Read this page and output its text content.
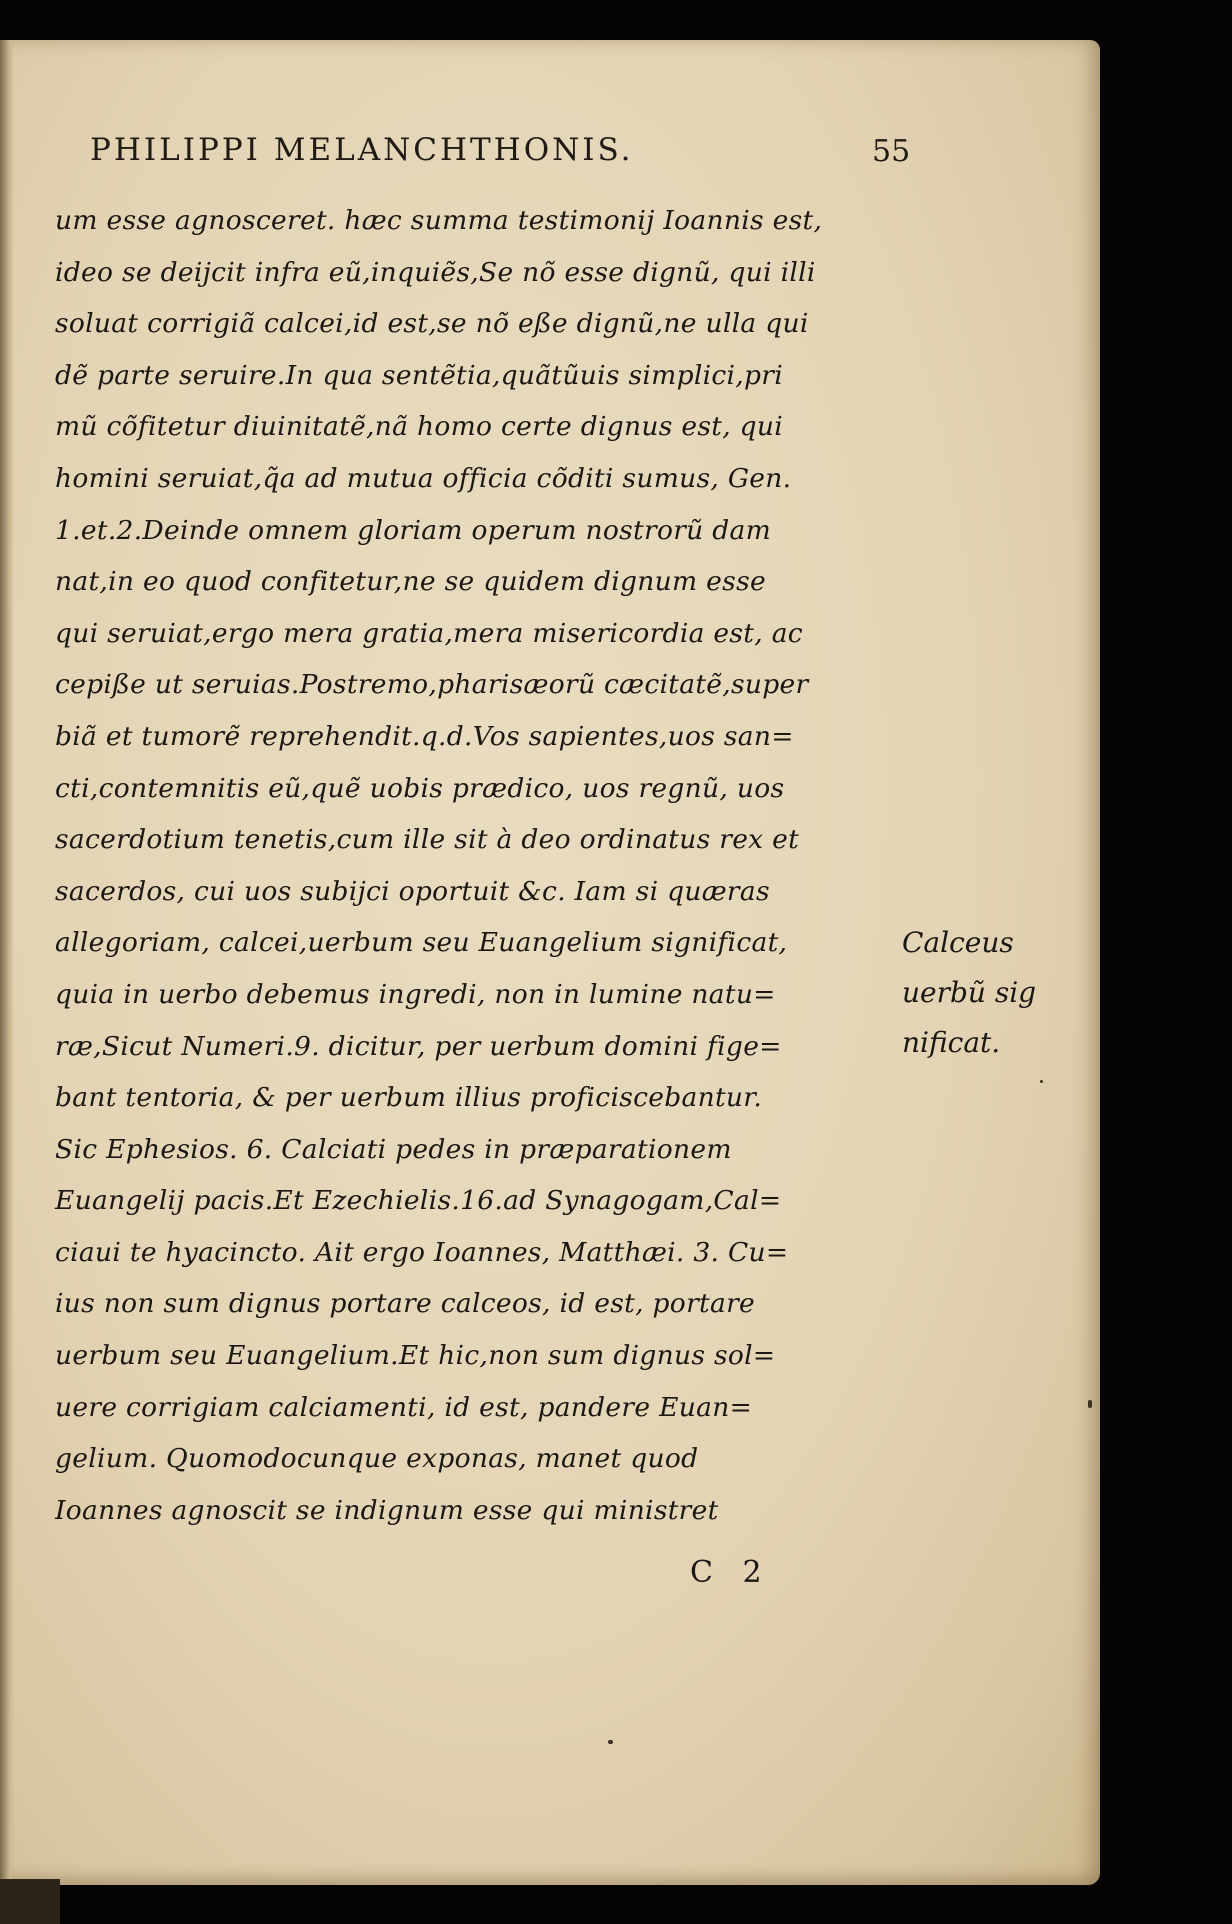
PHILIPPI MELANCHTHONIS.	55
um esse agnosceret. hæc summa testimonij Ioannis est,
ideo se deijcit infra eũ,inquiẽs,Se nõ esse dignũ, qui illi
soluat corrigiã calcei,id est,se nõ eße dignũ,ne ulla qui
dẽ parte seruire.In qua sentẽtia,quãtũuis simplici,pri
mũ cõfitetur diuinitatẽ,nã homo certe dignus est, qui
homini seruiat,q̃a ad mutua officia cõditi sumus, Gen.
1.et.2.Deinde omnem gloriam operum nostrorũ dam
nat,in eo quod confitetur,ne se quidem dignum esse
qui seruiat,ergo mera gratia,mera misericordia est, ac
cepiße ut seruias.Postremo,pharisæorũ cæcitatẽ,super
biã et tumorẽ reprehendit.q.d.Vos sapientes,uos san=
cti,contemnitis eũ,quẽ uobis prædico, uos regnũ, uos
sacerdotium tenetis,cum ille sit à deo ordinatus rex et
sacerdos, cui uos subijci oportuit &c. Iam si quæras
allegoriam, calcei,uerbum seu Euangelium significat,
quia in uerbo debemus ingredi, non in lumine natu=
ræ,Sicut Numeri.9. dicitur, per uerbum domini fige=
bant tentoria, & per uerbum illius proficiscebantur.
Sic Ephesios. 6. Calciati pedes in præparationem
Euangelij pacis.Et Ezechielis.16.ad Synagogam,Cal=
ciaui te hyacincto. Ait ergo Ioannes, Matthæi. 3. Cu=
ius non sum dignus portare calceos, id est, portare
uerbum seu Euangelium.Et hic,non sum dignus sol=
uere corrigiam calciamenti, id est, pandere Euan=
gelium. Quomodocunque exponas, manet quod
Ioannes agnoscit se indignum esse qui ministret
Calceus
uerbũ sig
nificat.
C 2
